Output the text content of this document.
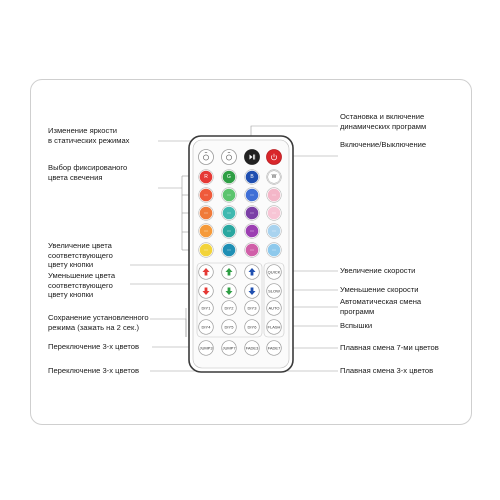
R	G	B	W
QUICK
SLOW
AUTO
FLASH
DIY1	DIY2	DIY3
DIY4	DIY5	DIY6
JUMP3 JUMP7	FADE3 FADE7
Изменение яркости
в статических режимах
Выбор фиксированого
цвета свечения
Увеличение цвета
соответствующего
цвету кнопки
Уменьшение цвета
соответствующего
цвету кнопки
Сохранение установленного
режима (зажать на 2 сек.)
Переключение 3-х цветов
Переключение 3-х цветов
Остановка и включение
динамических программ
Включение/Выключение
Увеличение скорости
Уменьшение скорости
Автоматическая смена
программ
Вспышки
Плавная смена 7-ми цветов
Плавная смена 3-х цветов
